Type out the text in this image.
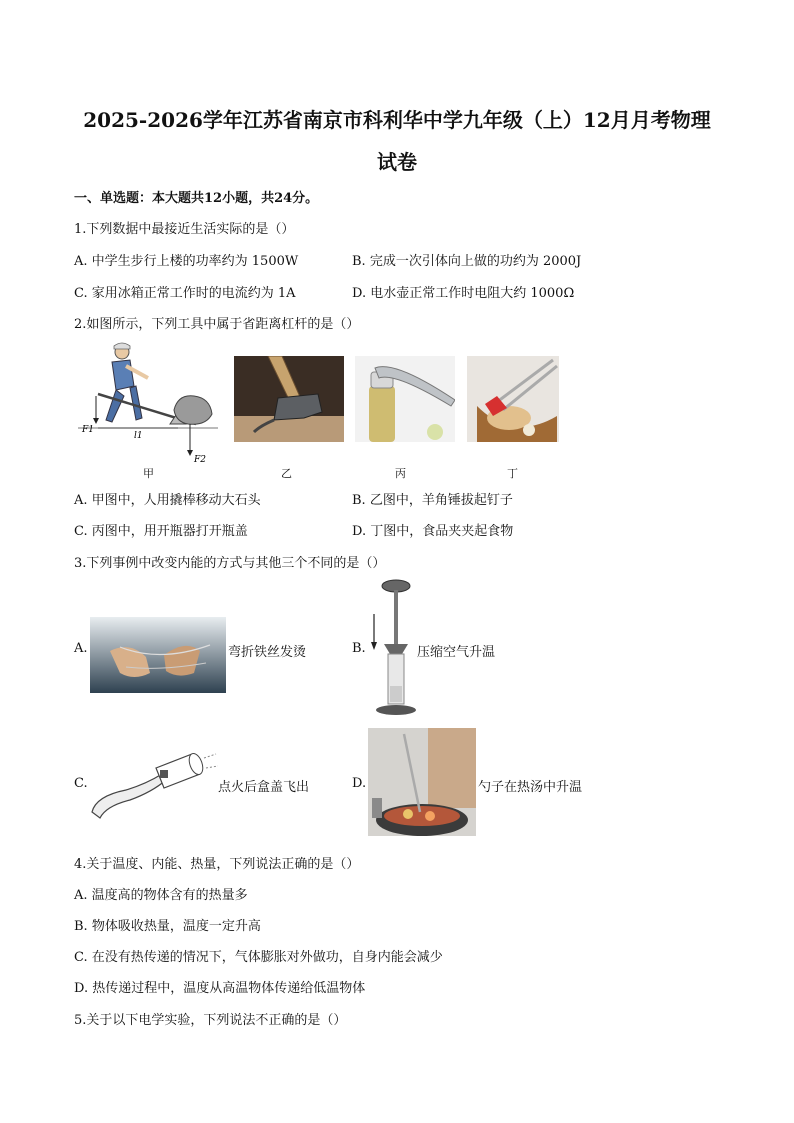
2025-2026学年江苏省南京市科利华中学九年级（上）12月月考物理
试卷
一、单选题：本大题共12小题，共24分。
1.下列数据中最接近生活实际的是（）
A. 中学生步行上楼的功率约为 1500W	B. 完成一次引体向上做的功约为 2000J
C. 家用冰箱正常工作时的电流约为 1A	D. 电水壶正常工作时电阻大约 1000Ω
2.如图所示，下列工具中属于省距离杠杆的是（）
F1
l1
F2
甲	乙	丙	丁
A. 甲图中，人用撬棒移动大石头	B. 乙图中，羊角锤拔起钉子
C. 丙图中，用开瓶器打开瓶盖	D. 丁图中，食品夹夹起食物
3.下列事例中改变内能的方式与其他三个不同的是（）
A.	弯折铁丝发烫	B.	压缩空气升温
C.	点火后盒盖飞出	D.	勺子在热汤中升温
4.关于温度、内能、热量，下列说法正确的是（）
A. 温度高的物体含有的热量多
B. 物体吸收热量，温度一定升高
C. 在没有热传递的情况下，气体膨胀对外做功，自身内能会减少
D. 热传递过程中，温度从高温物体传递给低温物体
5.关于以下电学实验，下列说法不正确的是（）
